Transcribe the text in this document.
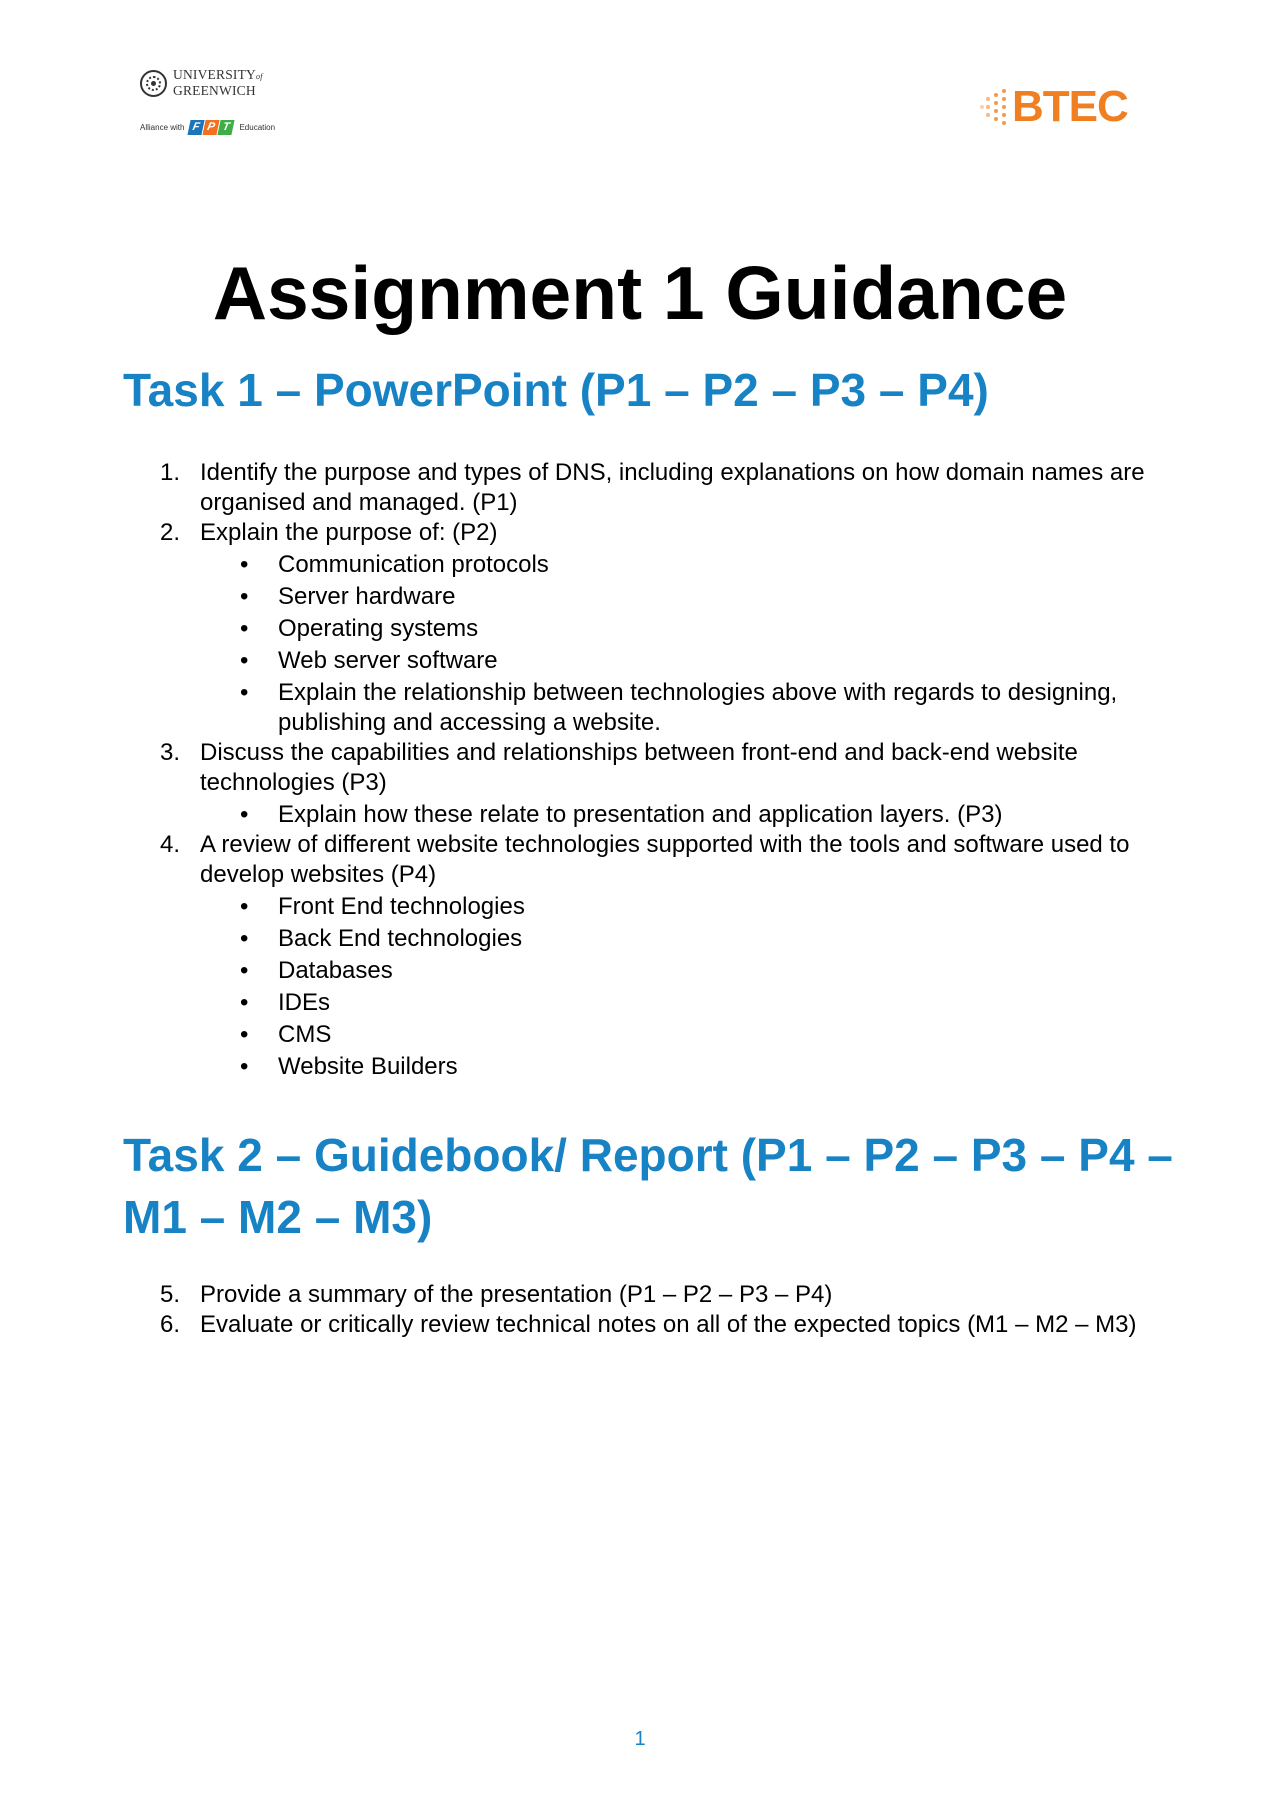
UNIVERSITYof
GREENWICH
Alliance with F P T	Education	BTEC
Assignment 1 Guidance
Task 1 – PowerPoint (P1 – P2 – P3 – P4)
1. Identify the purpose and types of DNS, including explanations on how domain names are organised and managed. (P1)
2. Explain the purpose of: (P2)
• Communication protocols
• Server hardware
• Operating systems
• Web server software
• Explain the relationship between technologies above with regards to designing, publishing and accessing a website.
3. Discuss the capabilities and relationships between front-end and back-end website technologies (P3)
• Explain how these relate to presentation and application layers. (P3)
4. A review of different website technologies supported with the tools and software used to develop websites (P4)
• Front End technologies
• Back End technologies
• Databases
• IDEs
• CMS
• Website Builders
Task 2 – Guidebook/ Report (P1 – P2 – P3 – P4 – M1 – M2 – M3)
5. Provide a summary of the presentation (P1 – P2 – P3 – P4)
6. Evaluate or critically review technical notes on all of the expected topics (M1 – M2 – M3)
1
